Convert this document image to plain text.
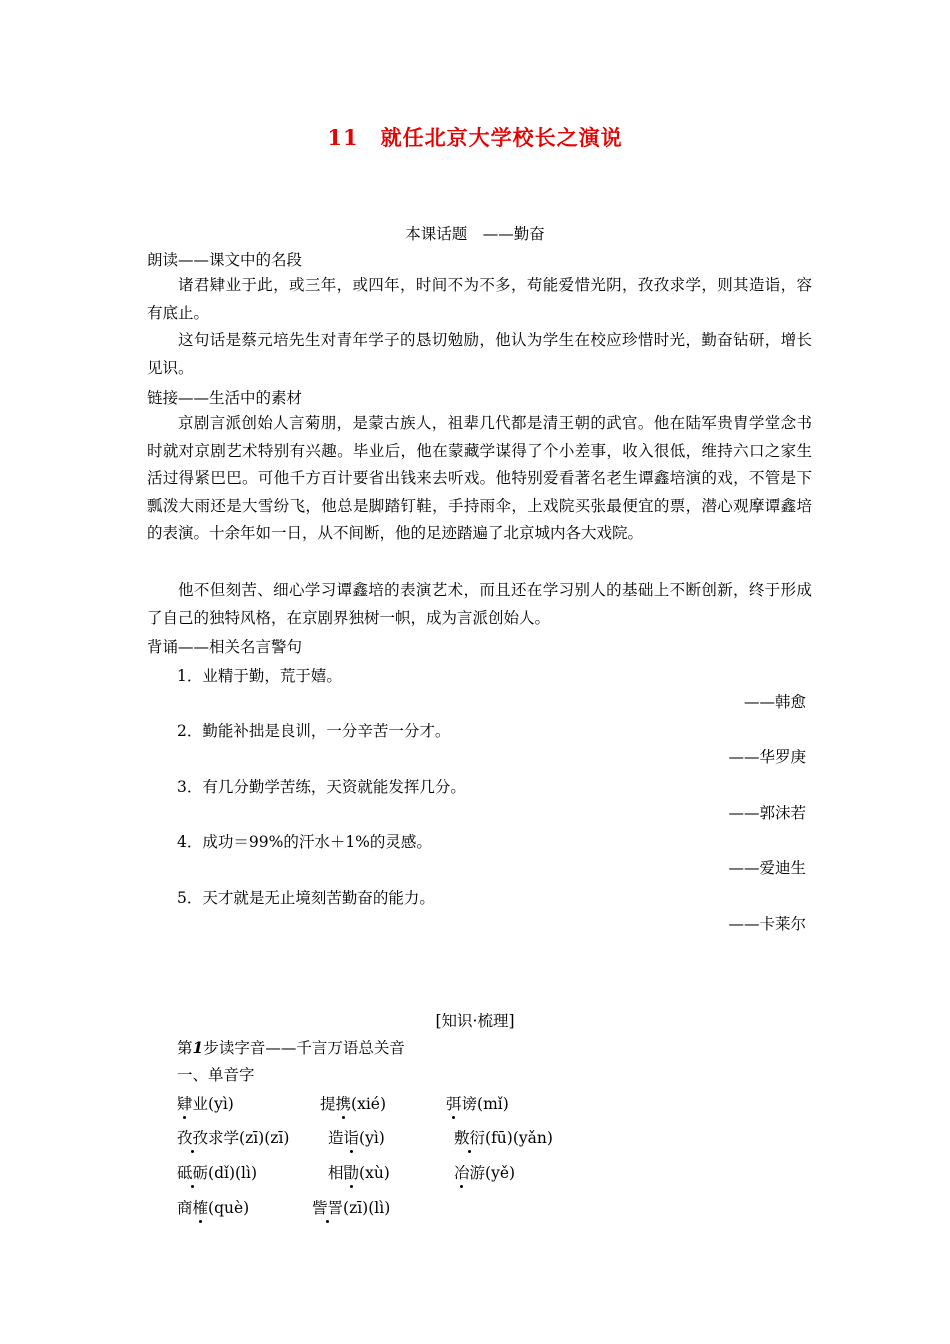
11　就任北京大学校长之演说
本课话题　——勤奋
朗读——课文中的名段
诸君肄业于此，或三年，或四年，时间不为不多，苟能爱惜光阴，孜孜求学，则其造诣，容有底止。
这句话是蔡元培先生对青年学子的恳切勉励，他认为学生在校应珍惜时光，勤奋钻研，增长见识。
链接——生活中的素材
京剧言派创始人言菊朋，是蒙古族人，祖辈几代都是清王朝的武官。他在陆军贵胄学堂念书时就对京剧艺术特别有兴趣。毕业后，他在蒙藏学谋得了个小差事，收入很低，维持六口之家生活过得紧巴巴。可他千方百计要省出钱来去听戏。他特别爱看著名老生谭鑫培演的戏，不管是下瓢泼大雨还是大雪纷飞，他总是脚踏钉鞋，手持雨伞，上戏院买张最便宜的票，潜心观摩谭鑫培的表演。十余年如一日，从不间断，他的足迹踏遍了北京城内各大戏院。
他不但刻苦、细心学习谭鑫培的表演艺术，而且还在学习别人的基础上不断创新，终于形成了自己的独特风格，在京剧界独树一帜，成为言派创始人。
背诵——相关名言警句
1．业精于勤，荒于嬉。
——韩愈
2．勤能补拙是良训，一分辛苦一分才。
——华罗庚
3．有几分勤学苦练，天资就能发挥几分。
——郭沫若
4．成功＝99%的汗水＋1%的灵感。
——爱迪生
5．天才就是无止境刻苦勤奋的能力。
——卡莱尔
[知识·梳理]
第1步读字音——千言万语总关音
一、单音字
肄业(yì)	提携(xié)	弭谤(mǐ)
孜孜求学(zī)(zī) 造诣(yì)	敷衍(fū)(yǎn)
砥砺(dǐ)(lì)	相勖(xù)	冶游(yě)
商榷(què)	訾詈(zī)(lì)
